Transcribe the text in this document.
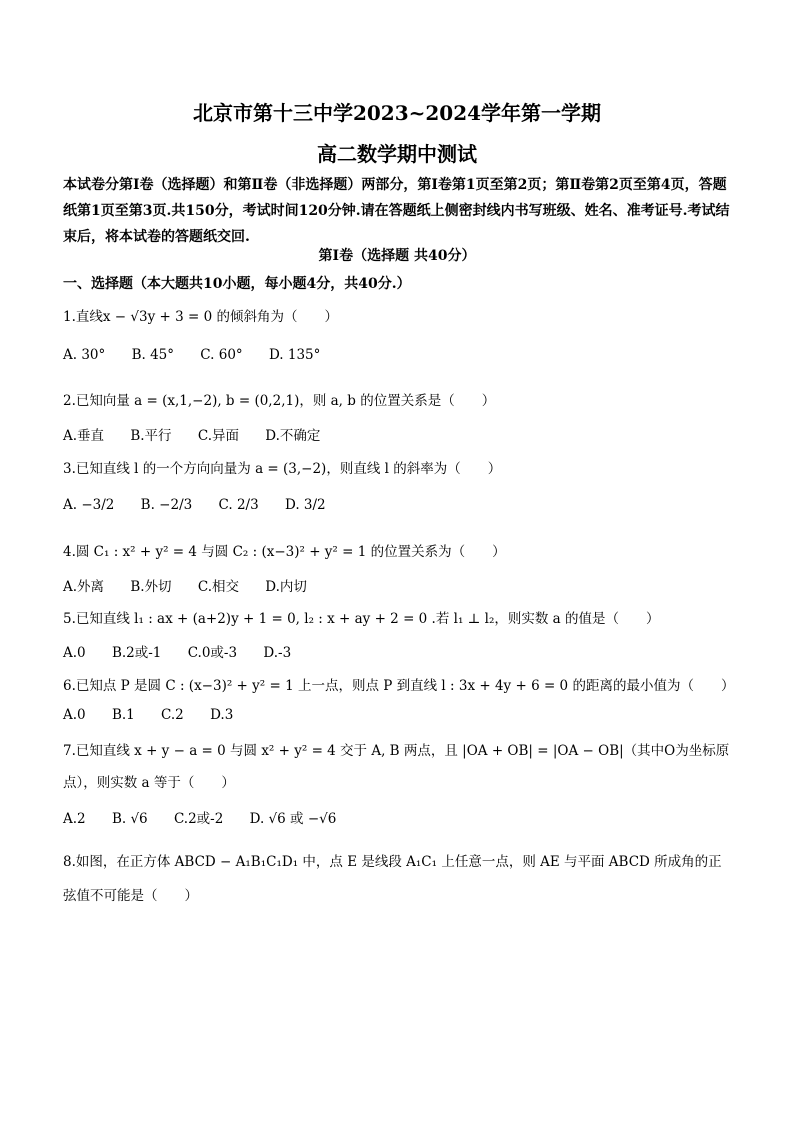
北京市第十三中学2023~2024学年第一学期
高二数学期中测试
本试卷分第Ⅰ卷（选择题）和第Ⅱ卷（非选择题）两部分，第Ⅰ卷第1页至第2页；第Ⅱ卷第2页至第4页，答题纸第1页至第3页.共150分，考试时间120分钟.请在答题纸上侧密封线内书写班级、姓名、准考证号.考试结束后，将本试卷的答题纸交回.
第Ⅰ卷（选择题 共40分）
一、选择题（本大题共10小题，每小题4分，共40分.）
1.直线x − √3y + 3 = 0 的倾斜角为（　　）
A. 30° B. 45° C. 60° D. 135°
2.已知向量 a = (x,1,−2), b = (0,2,1)，则 a, b 的位置关系是（　　）
A.垂直 B.平行 C.异面 D.不确定
3.已知直线 l 的一个方向向量为 a = (3,−2)，则直线 l 的斜率为（　　）
A. −3/2 B. −2/3 C. 2/3 D. 3/2
4.圆 C₁ : x² + y² = 4 与圆 C₂ : (x−3)² + y² = 1 的位置关系为（　　）
A.外离 B.外切 C.相交 D.内切
5.已知直线 l₁ : ax + (a+2)y + 1 = 0, l₂ : x + ay + 2 = 0 .若 l₁ ⊥ l₂，则实数 a 的值是（　　）
A.0 B.2或-1 C.0或-3 D.-3
6.已知点 P 是圆 C : (x−3)² + y² = 1 上一点，则点 P 到直线 l : 3x + 4y + 6 = 0 的距离的最小值为（　　）
A.0 B.1 C.2 D.3
7.已知直线 x + y − a = 0 与圆 x² + y² = 4 交于 A, B 两点，且 |OA + OB| = |OA − OB|（其中O为坐标原点），则实数 a 等于（　　）
A.2 B. √6 C.2或-2 D. √6 或 −√6
8.如图，在正方体 ABCD − A₁B₁C₁D₁ 中，点 E 是线段 A₁C₁ 上任意一点，则 AE 与平面 ABCD 所成角的正弦值不可能是（　　）
